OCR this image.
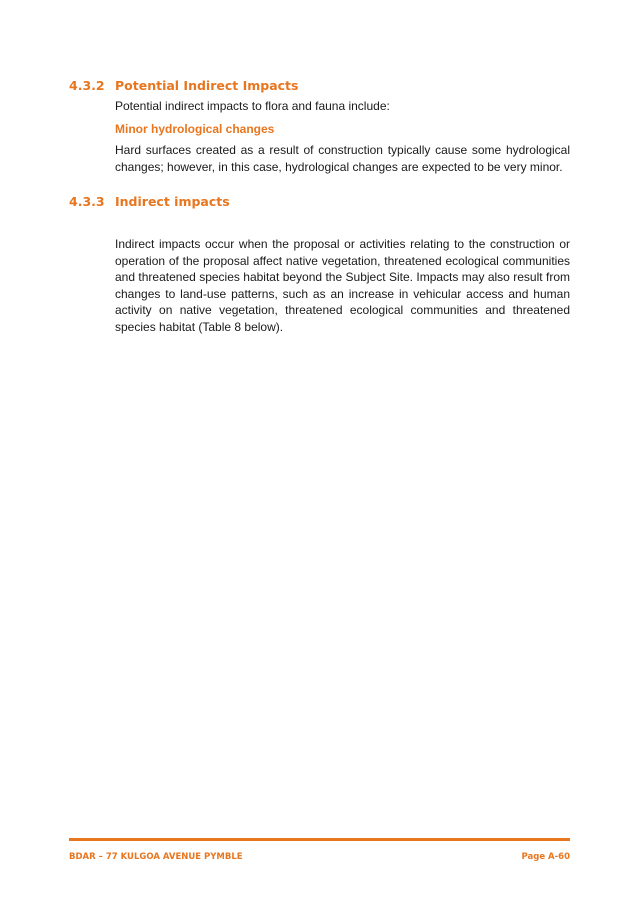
4.3.2 Potential Indirect Impacts
Potential indirect impacts to flora and fauna include:
Minor hydrological changes
Hard surfaces created as a result of construction typically cause some hydrological changes; however, in this case, hydrological changes are expected to be very minor.
4.3.3 Indirect impacts
Indirect impacts occur when the proposal or activities relating to the construction or operation of the proposal affect native vegetation, threatened ecological communities and threatened species habitat beyond the Subject Site. Impacts may also result from changes to land-use patterns, such as an increase in vehicular access and human activity on native vegetation, threatened ecological communities and threatened species habitat (Table 8 below).
BDAR – 77 KULGOA AVENUE PYMBLE	Page A-60
